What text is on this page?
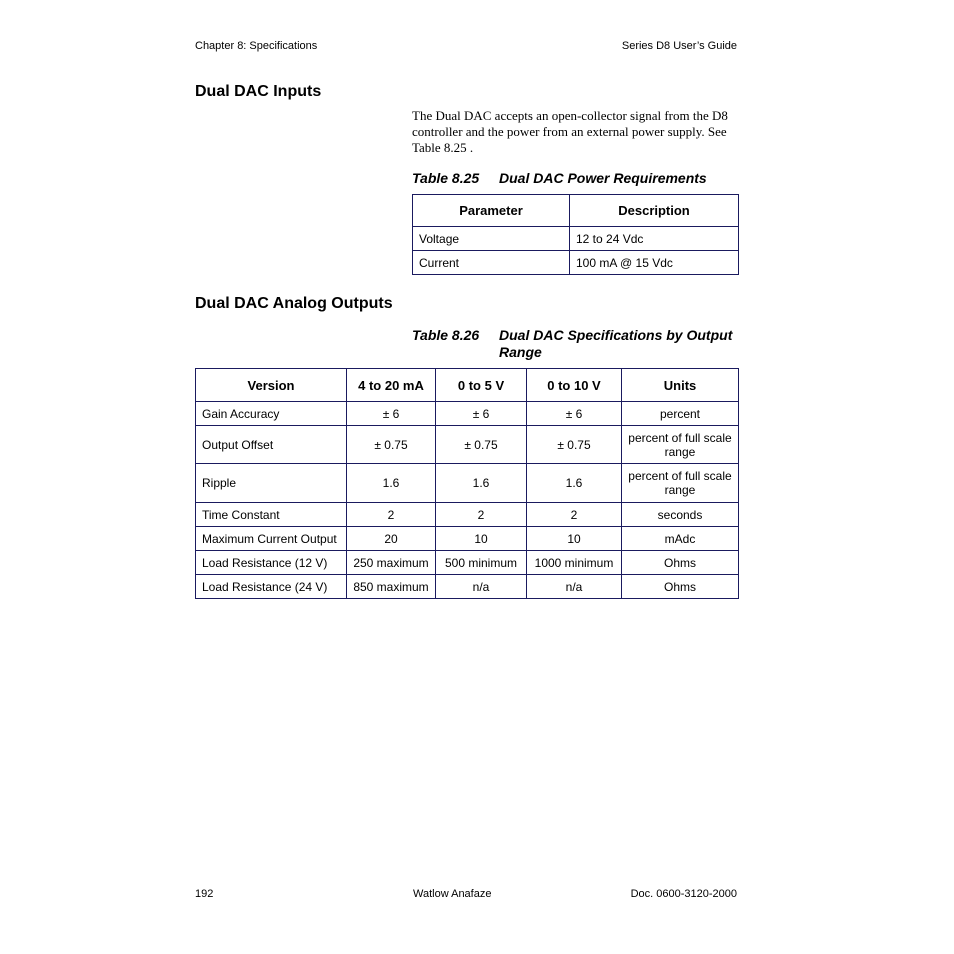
Chapter 8: Specifications	Series D8 User’s Guide
Dual DAC Inputs
The Dual DAC accepts an open-collector signal from the D8 controller and the power from an external power supply. See Table 8.25 .
Table 8.25 Dual DAC Power Requirements
Parameter	Description
Voltage	12 to 24 Vdc
Current	100 mA @ 15 Vdc
Dual DAC Analog Outputs
Table 8.26 Dual DAC Specifications by Output Range
Version	4 to 20 mA	0 to 5 V	0 to 10 V	Units
Gain Accuracy	± 6	± 6	± 6	percent
Output Offset	± 0.75	± 0.75	± 0.75	percent of full scale range
Ripple	1.6	1.6	1.6	percent of full scale range
Time Constant	2	2	2	seconds
Maximum Current Output	20	10	10	mAdc
Load Resistance (12 V)	250 maximum	500 minimum	1000 minimum	Ohms
Load Resistance (24 V)	850 maximum	n/a	n/a	Ohms
192	Watlow Anafaze	Doc. 0600-3120-2000
